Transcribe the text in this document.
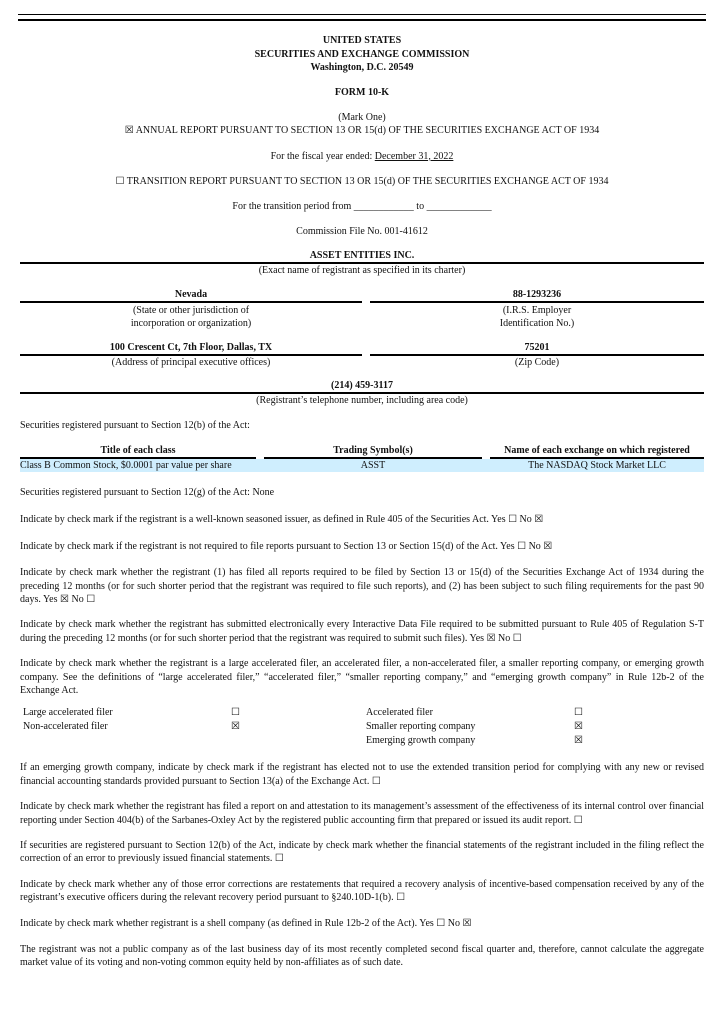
UNITED STATES
SECURITIES AND EXCHANGE COMMISSION
Washington, D.C. 20549
FORM 10-K
(Mark One)
☒ ANNUAL REPORT PURSUANT TO SECTION 13 OR 15(d) OF THE SECURITIES EXCHANGE ACT OF 1934
For the fiscal year ended: December 31, 2022
☐ TRANSITION REPORT PURSUANT TO SECTION 13 OR 15(d) OF THE SECURITIES EXCHANGE ACT OF 1934
For the transition period from ____________ to _____________
Commission File No. 001-41612
ASSET ENTITIES INC.
(Exact name of registrant as specified in its charter)
Nevada
(State or other jurisdiction of
incorporation or organization)
88-1293236
(I.R.S. Employer
Identification No.)
100 Crescent Ct, 7th Floor, Dallas, TX
(Address of principal executive offices)
75201
(Zip Code)
(214) 459-3117
(Registrant’s telephone number, including area code)

Securities registered pursuant to Section 12(b) of the Act:

Title of each class		Trading Symbol(s)		Name of each exchange on which registered
Class B Common Stock, $0.0001 par value per share		ASST		The NASDAQ Stock Market LLC

Securities registered pursuant to Section 12(g) of the Act: None

Indicate by check mark if the registrant is a well-known seasoned issuer, as defined in Rule 405 of the Securities Act. Yes ☐ No ☒

Indicate by check mark if the registrant is not required to file reports pursuant to Section 13 or Section 15(d) of the Act. Yes ☐ No ☒

Indicate by check mark whether the registrant (1) has filed all reports required to be filed by Section 13 or 15(d) of the Securities Exchange Act of 1934 during the preceding 12 months (or for such shorter period that the registrant was required to file such reports), and (2) has been subject to such filing requirements for the past 90 days. Yes ☒ No ☐

Indicate by check mark whether the registrant has submitted electronically every Interactive Data File required to be submitted pursuant to Rule 405 of Regulation S-T during the preceding 12 months (or for such shorter period that the registrant was required to submit such files). Yes ☒ No ☐

Indicate by check mark whether the registrant is a large accelerated filer, an accelerated filer, a non-accelerated filer, a smaller reporting company, or emerging growth company. See the definitions of “large accelerated filer,” “accelerated filer,” “smaller reporting company,” and “emerging growth company” in Rule 12b-2 of the Exchange Act.

Large accelerated filer	☐	Accelerated filer	☐
Non-accelerated filer	☒	Smaller reporting company	☒
		Emerging growth company	☒

If an emerging growth company, indicate by check mark if the registrant has elected not to use the extended transition period for complying with any new or revised financial accounting standards provided pursuant to Section 13(a) of the Exchange Act. ☐

Indicate by check mark whether the registrant has filed a report on and attestation to its management’s assessment of the effectiveness of its internal control over financial reporting under Section 404(b) of the Sarbanes-Oxley Act by the registered public accounting firm that prepared or issued its audit report. ☐

If securities are registered pursuant to Section 12(b) of the Act, indicate by check mark whether the financial statements of the registrant included in the filing reflect the correction of an error to previously issued financial statements. ☐

Indicate by check mark whether any of those error corrections are restatements that required a recovery analysis of incentive-based compensation received by any of the registrant’s executive officers during the relevant recovery period pursuant to §240.10D-1(b). ☐

Indicate by check mark whether registrant is a shell company (as defined in Rule 12b-2 of the Act). Yes ☐ No ☒

The registrant was not a public company as of the last business day of its most recently completed second fiscal quarter and, therefore, cannot calculate the aggregate market value of its voting and non-voting common equity held by non-affiliates as of such date.
